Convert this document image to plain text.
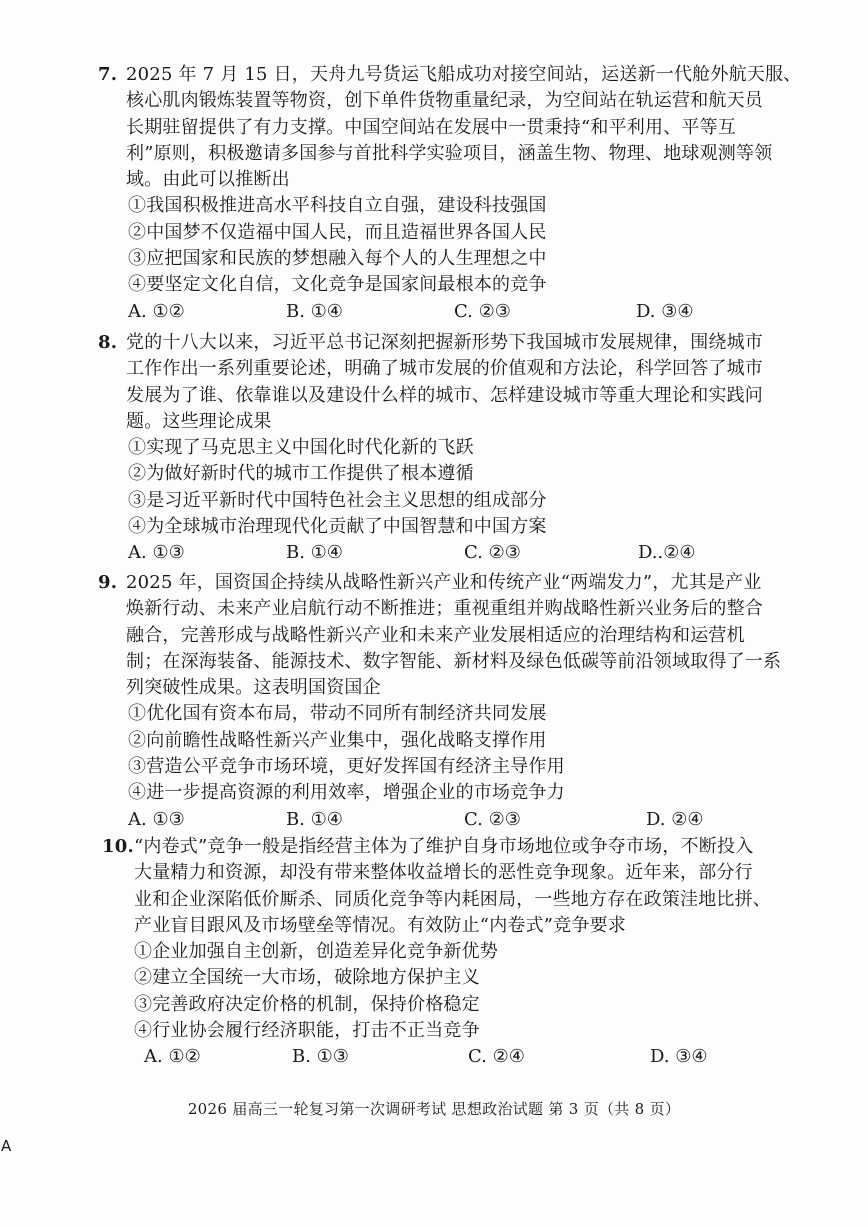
7. 2025 年 7 月 15 日，天舟九号货运飞船成功对接空间站，运送新一代舱外航天服、
核心肌肉锻炼装置等物资，创下单件货物重量纪录，为空间站在轨运营和航天员
长期驻留提供了有力支撑。中国空间站在发展中一贯秉持“和平利用、平等互
利”原则，积极邀请多国参与首批科学实验项目，涵盖生物、物理、地球观测等领
域。由此可以推断出
①我国积极推进高水平科技自立自强，建设科技强国
②中国梦不仅造福中国人民，而且造福世界各国人民
③应把国家和民族的梦想融入每个人的人生理想之中
④要坚定文化自信，文化竞争是国家间最根本的竞争
A. ①②	B. ①④	C. ②③	D. ③④
8. 党的十八大以来，习近平总书记深刻把握新形势下我国城市发展规律，围绕城市
工作作出一系列重要论述，明确了城市发展的价值观和方法论，科学回答了城市
发展为了谁、依靠谁以及建设什么样的城市、怎样建设城市等重大理论和实践问
题。这些理论成果
①实现了马克思主义中国化时代化新的飞跃
②为做好新时代的城市工作提供了根本遵循
③是习近平新时代中国特色社会主义思想的组成部分
④为全球城市治理现代化贡献了中国智慧和中国方案
A. ①③	B. ①④	C. ②③	D..②④
9. 2025 年，国资国企持续从战略性新兴产业和传统产业“两端发力”，尤其是产业
焕新行动、未来产业启航行动不断推进；重视重组并购战略性新兴业务后的整合
融合，完善形成与战略性新兴产业和未来产业发展相适应的治理结构和运营机
制；在深海装备、能源技术、数字智能、新材料及绿色低碳等前沿领域取得了一系
列突破性成果。这表明国资国企
①优化国有资本布局，带动不同所有制经济共同发展
②向前瞻性战略性新兴产业集中，强化战略支撑作用
③营造公平竞争市场环境，更好发挥国有经济主导作用
④进一步提高资源的利用效率，增强企业的市场竞争力
A. ①③	B. ①④	C. ②③	D. ②④
10. “内卷式”竞争一般是指经营主体为了维护自身市场地位或争夺市场，不断投入
大量精力和资源，却没有带来整体收益增长的恶性竞争现象。近年来，部分行
业和企业深陷低价厮杀、同质化竞争等内耗困局，一些地方存在政策洼地比拼、
产业盲目跟风及市场壁垒等情况。有效防止“内卷式”竞争要求
①企业加强自主创新，创造差异化竞争新优势
②建立全国统一大市场，破除地方保护主义
③完善政府决定价格的机制，保持价格稳定
④行业协会履行经济职能，打击不正当竞争
A. ①②	B. ①③	C. ②④	D. ③④
2026 届高三一轮复习第一次调研考试 思想政治试题 第 3 页（共 8 页）
A
